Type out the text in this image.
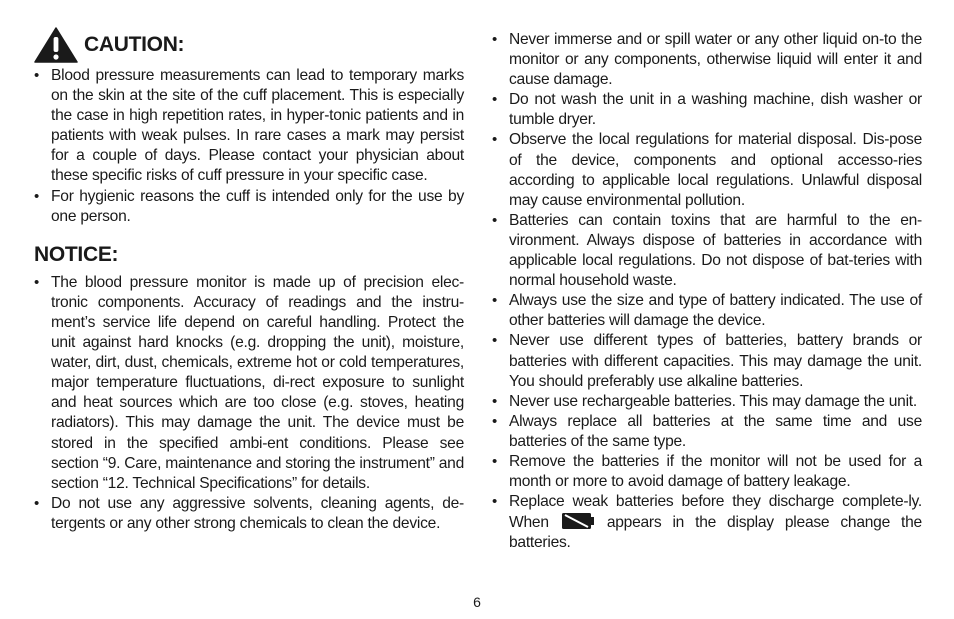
CAUTION:
• Blood pressure measurements can lead to temporary marks on the skin at the site of the cuff placement. This is especially the case in high repetition rates, in hyper-tonic patients and in patients with weak pulses. In rare cases a mark may persist for a couple of days. Please contact your physician about these specific risks of cuff pressure in your specific case.
• For hygienic reasons the cuff is intended only for the use by one person.
NOTICE:
• The blood pressure monitor is made up of precision elec-tronic components. Accuracy of readings and the instru-ment’s service life depend on careful handling. Protect the unit against hard knocks (e.g. dropping the unit), moisture, water, dirt, dust, chemicals, extreme hot or cold temperatures, major temperature fluctuations, di-rect exposure to sunlight and heat sources which are too close (e.g. stoves, heating radiators). This may damage the unit. The device must be stored in the specified ambi-ent conditions. Please see section “9. Care, maintenance and storing the instrument” and section “12. Technical Specifications” for details.
• Do not use any aggressive solvents, cleaning agents, de-tergents or any other strong chemicals to clean the device.
• Never immerse and or spill water or any other liquid on-to the monitor or any components, otherwise liquid will enter it and cause damage.
• Do not wash the unit in a washing machine, dish washer or tumble dryer.
• Observe the local regulations for material disposal. Dis-pose of the device, components and optional accesso-ries according to applicable local regulations. Unlawful disposal may cause environmental pollution.
• Batteries can contain toxins that are harmful to the en-vironment. Always dispose of batteries in accordance with applicable local regulations. Do not dispose of bat-teries with normal household waste.
• Always use the size and type of battery indicated. The use of other batteries will damage the device.
• Never use different types of batteries, battery brands or batteries with different capacities. This may damage the unit. You should preferably use alkaline batteries.
• Never use rechargeable batteries. This may damage the unit.
• Always replace all batteries at the same time and use batteries of the same type.
• Remove the batteries if the monitor will not be used for a month or more to avoid damage of battery leakage.
• Replace weak batteries before they discharge complete-ly. When	appears in the display please change the batteries.
6
